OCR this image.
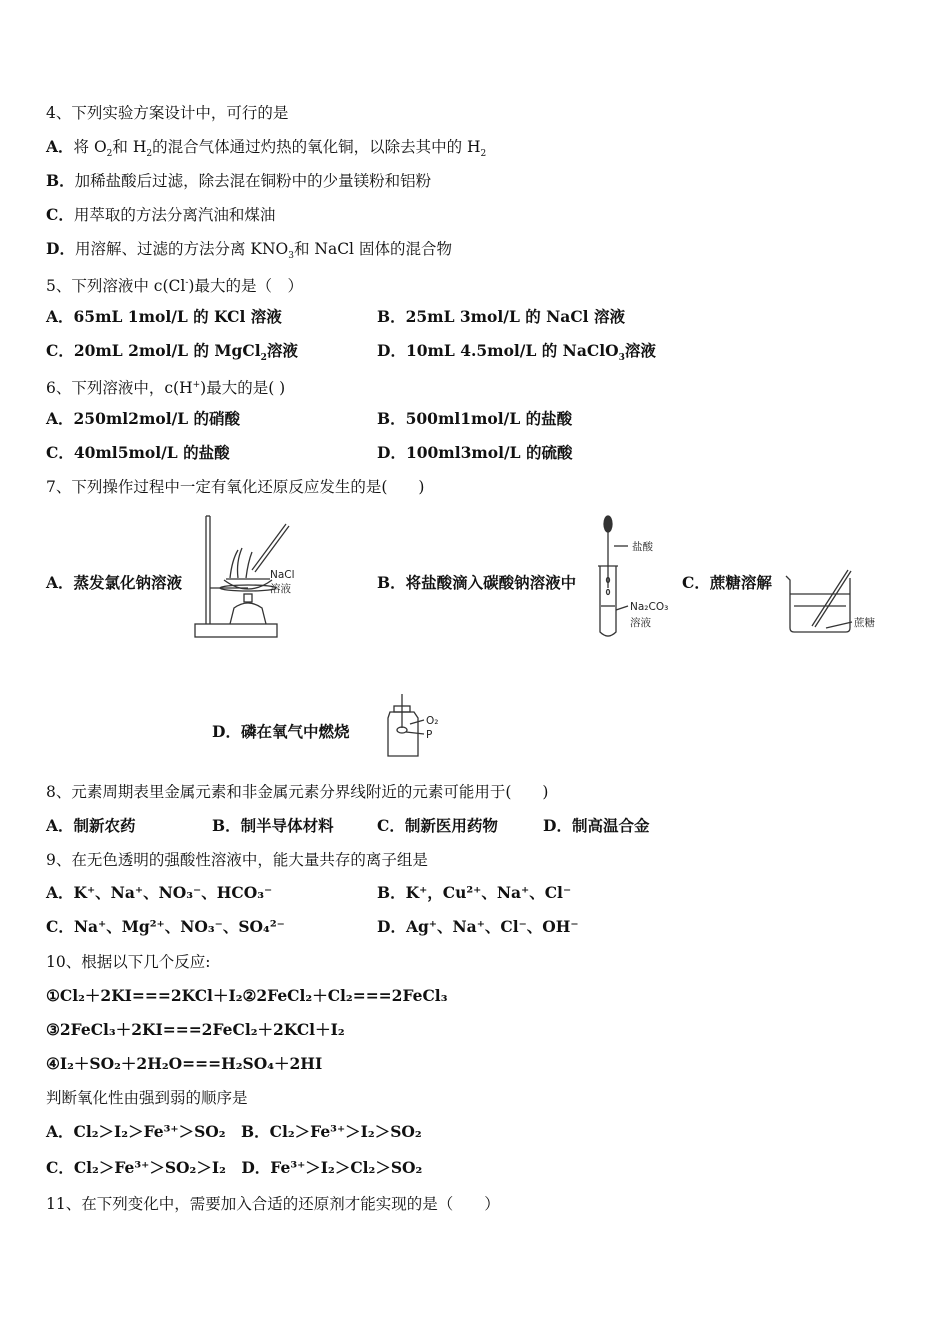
4、下列实验方案设计中，可行的是
A．将 $O_2$和 $H_2$的混合气体通过灼热的氧化铜，以除去其中的 $H_2$
B．加稀盐酸后过滤，除去混在铜粉中的少量镁粉和铝粉
C．用萃取的方法分离汽油和煤油
D．用溶解、过滤的方法分离 $KNO_3$和 NaCl 固体的混合物
5、下列溶液中 c(Cl-)最大的是（　）
A．65mL 1mol/L 的 KCl 溶液	B．25mL 3mol/L 的 NaCl 溶液
C．20mL 2mol/L 的 MgCl$_2$溶液	D．10mL 4.5mol/L 的 NaClO$_3$溶液
6、下列溶液中，c(H+)最大的是( )
A．250ml2mol/L 的硝酸	B．500ml1mol/L 的盐酸
C．40ml5mol/L 的盐酸	D．100ml3mol/L 的硫酸
7、下列操作过程中一定有氧化还原反应发生的是(　　)
A．蒸发氯化钠溶液	B．将盐酸滴入碳酸钠溶液中	C．蔗糖溶解
D．磷在氧气中燃烧
NaCl
溶液
盐酸
Na₂CO₃
溶液	蔗糖
O₂
P
8、元素周期表里金属元素和非金属元素分界线附近的元素可能用于(　　)
A．制新农药	B．制半导体材料	C．制新医用药物	D．制高温合金
9、在无色透明的强酸性溶液中，能大量共存的离子组是
A．K⁺、Na⁺、NO₃⁻、HCO₃⁻	B．K⁺，Cu²⁺、Na⁺、Cl⁻
C．Na⁺、Mg²⁺、NO₃⁻、SO₄²⁻	D．Ag⁺、Na⁺、Cl⁻、OH⁻
10、根据以下几个反应:
①Cl₂＋2KI===2KCl＋I₂②2FeCl₂＋Cl₂===2FeCl₃
③2FeCl₃＋2KI===2FeCl₂＋2KCl＋I₂
④I₂＋SO₂＋2H₂O===H₂SO₄＋2HI
判断氧化性由强到弱的顺序是
A．Cl₂＞I₂＞Fe³⁺＞SO₂　B．Cl₂＞Fe³⁺＞I₂＞SO₂
C．Cl₂＞Fe³⁺＞SO₂＞I₂　D．Fe³⁺＞I₂＞Cl₂＞SO₂
11、在下列变化中，需要加入合适的还原剂才能实现的是（　　）
